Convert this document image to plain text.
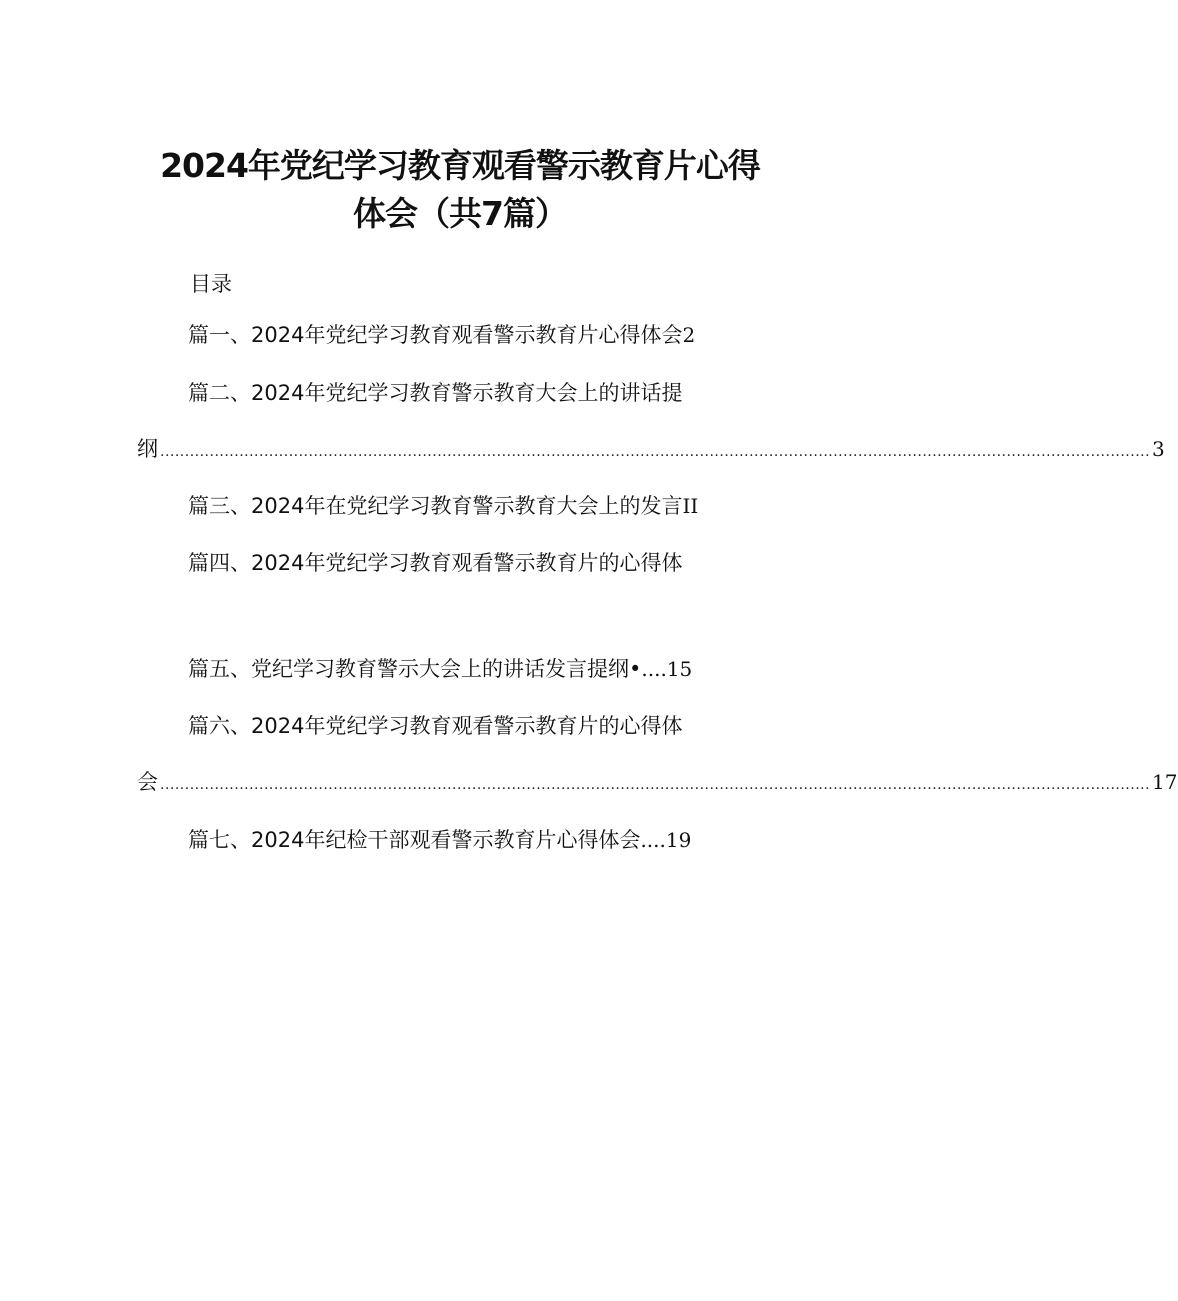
2024年党纪学习教育观看警示教育片心得
体会（共7篇）
目录
篇一、2024年党纪学习教育观看警示教育片心得体会2
篇二、2024年党纪学习教育警示教育大会上的讲话提
纲 ........................................................................................................................................................................................................ 3
篇三、2024年在党纪学习教育警示教育大会上的发言II
篇四、2024年党纪学习教育观看警示教育片的心得体
篇五、党纪学习教育警示大会上的讲话发言提纲•....15
篇六、2024年党纪学习教育观看警示教育片的心得体
会 ........................................................................................................................................................................................................ 17
篇七、2024年纪检干部观看警示教育片心得体会....19
